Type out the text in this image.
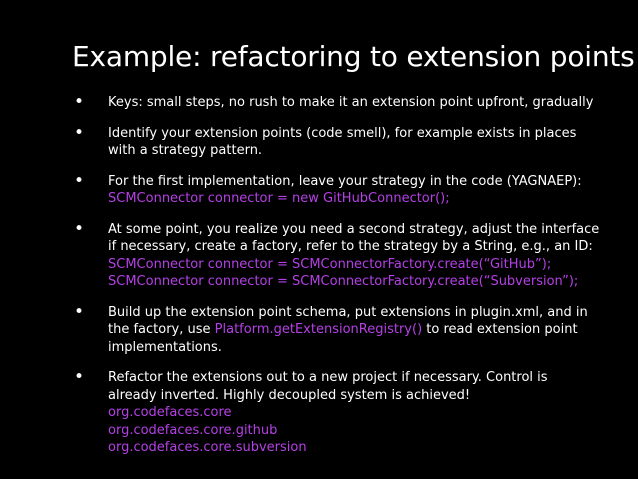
Example: refactoring to extension points
• Keys: small steps, no rush to make it an extension point upfront, gradually
• Identify your extension points (code smell), for example exists in places
with a strategy pattern.
• For the first implementation, leave your strategy in the code (YAGNAEP):
SCMConnector connector = new GitHubConnector();
• At some point, you realize you need a second strategy, adjust the interface
if necessary, create a factory, refer to the strategy by a String, e.g., an ID:
SCMConnector connector = SCMConnectorFactory.create(“GitHub”);
SCMConnector connector = SCMConnectorFactory.create(“Subversion”);
• Build up the extension point schema, put extensions in plugin.xml, and in
the factory, use Platform.getExtensionRegistry() to read extension point
implementations.
• Refactor the extensions out to a new project if necessary. Control is
already inverted. Highly decoupled system is achieved!
org.codefaces.core
org.codefaces.core.github
org.codefaces.core.subversion
